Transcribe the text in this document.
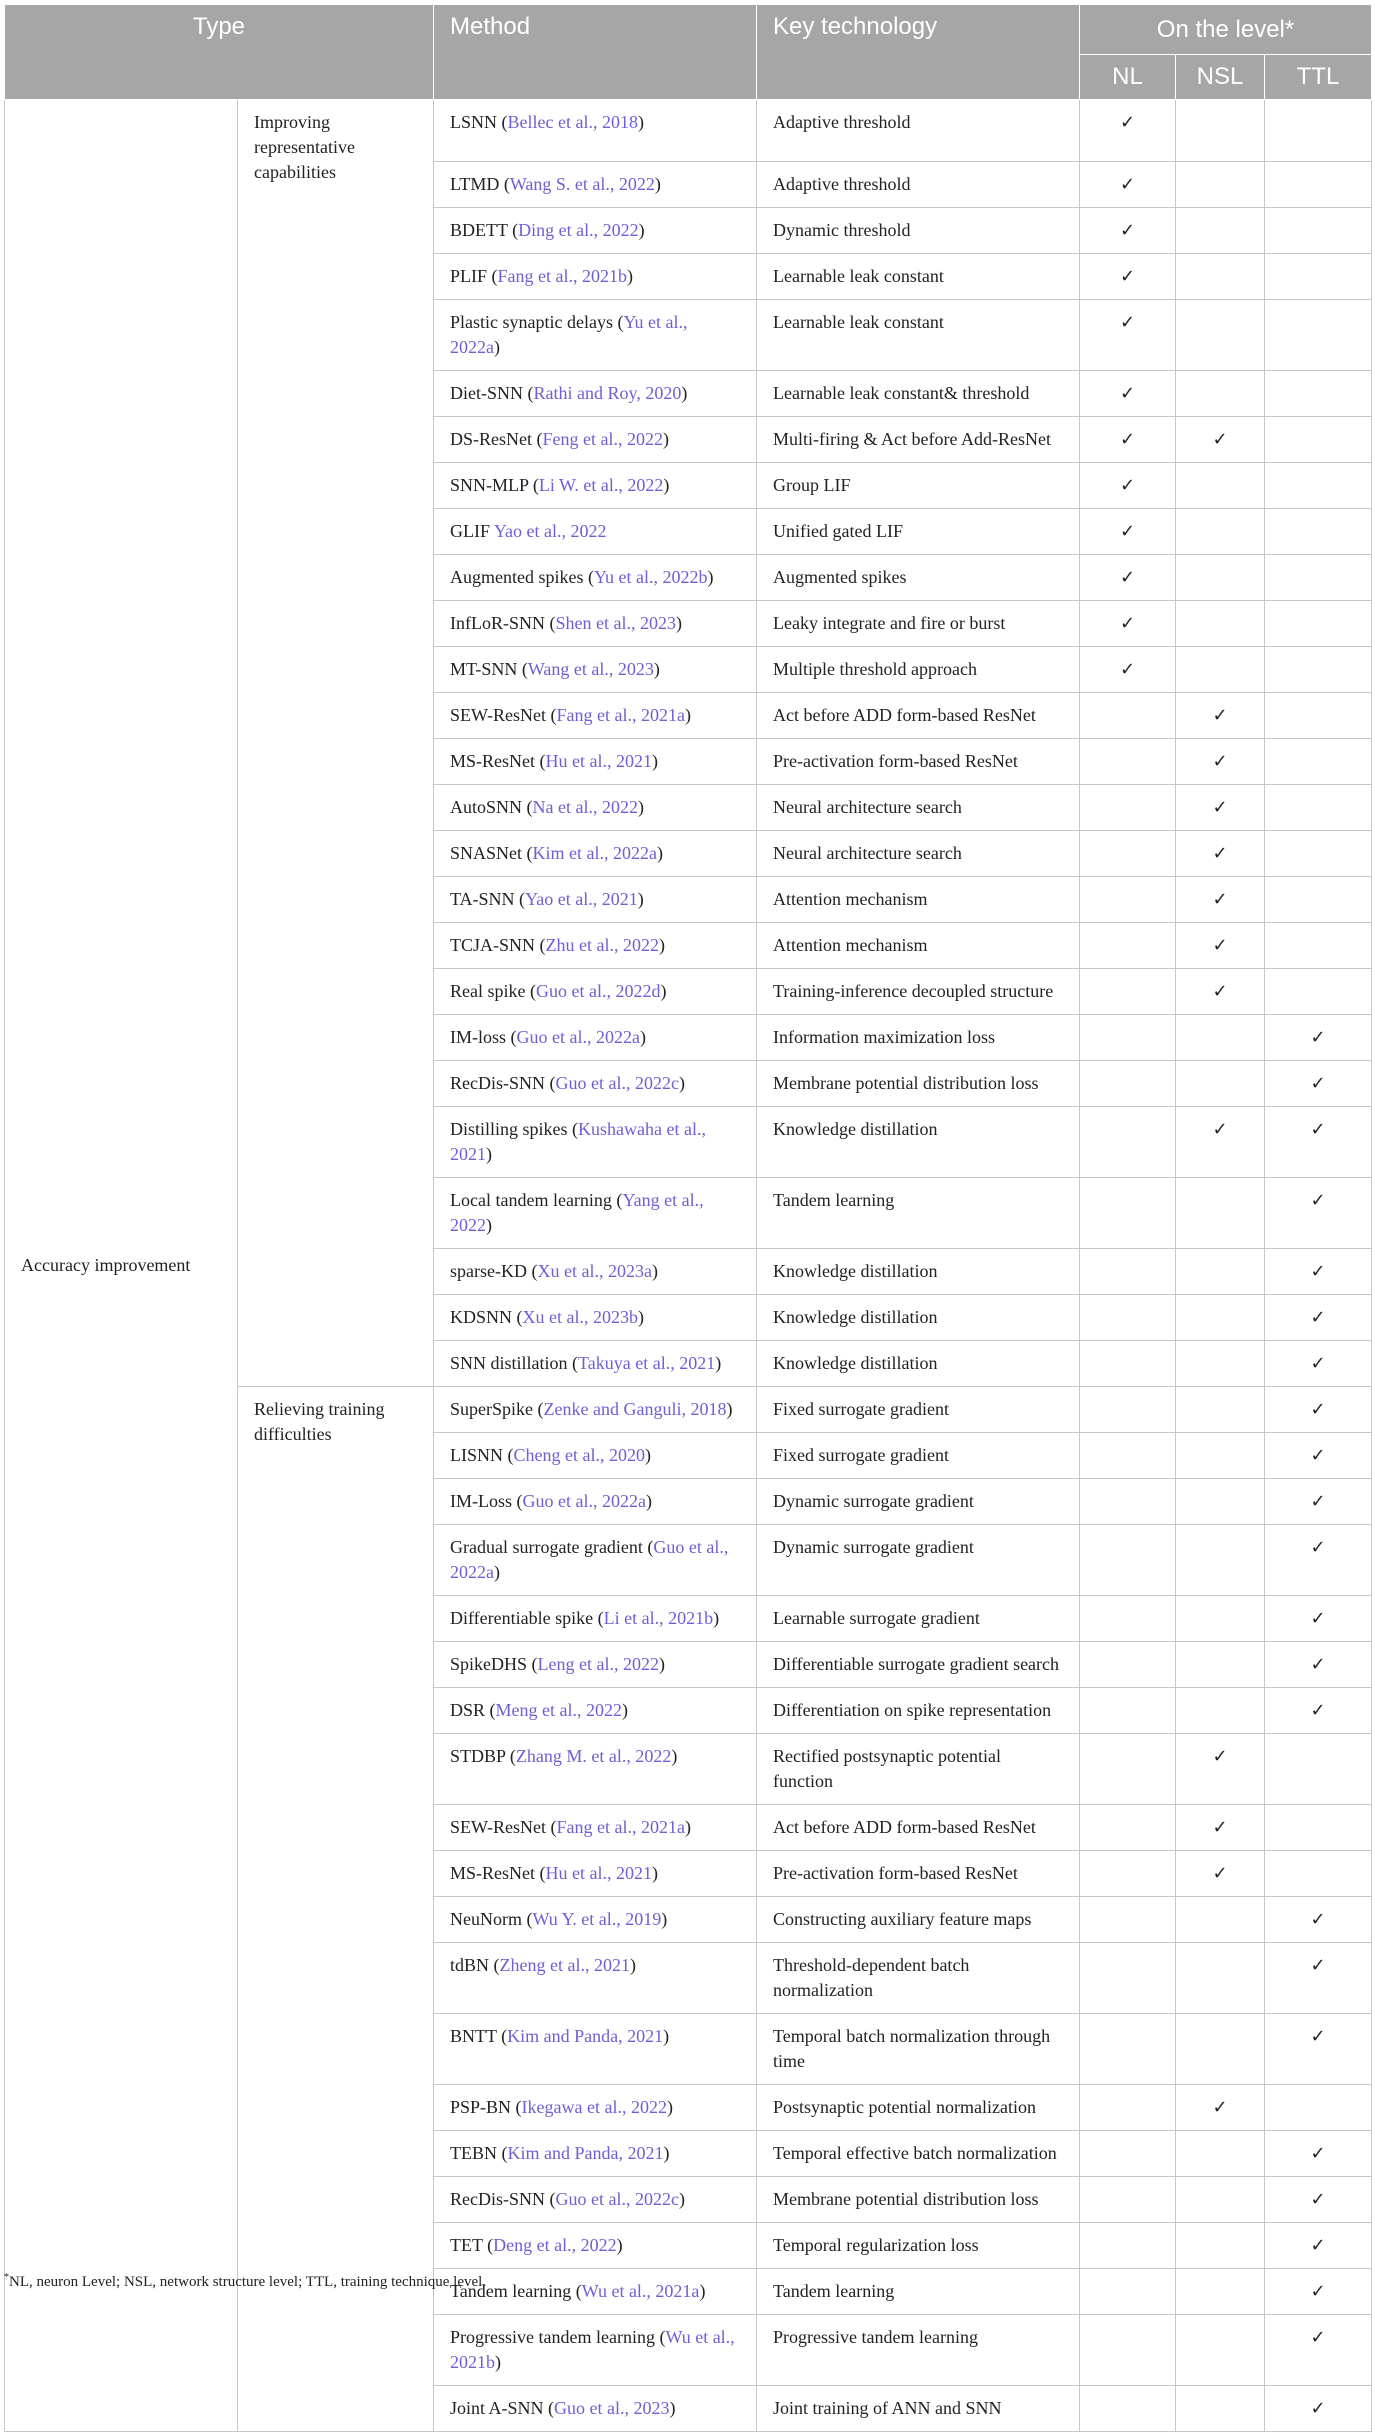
Type		Method	Key technology	On the level*		
				NL	NSL	TTL
Accuracy improvement	Improving representative capabilities	LSNN (Bellec et al., 2018)	Adaptive threshold	✓		
		LTMD (Wang S. et al., 2022)	Adaptive threshold	✓		
		BDETT (Ding et al., 2022)	Dynamic threshold	✓		
		PLIF (Fang et al., 2021b)	Learnable leak constant	✓		
		Plastic synaptic delays (Yu et al., 2022a)	Learnable leak constant	✓		
		Diet-SNN (Rathi and Roy, 2020)	Learnable leak constant& threshold	✓		
		DS-ResNet (Feng et al., 2022)	Multi-firing & Act before Add-ResNet	✓	✓	
		SNN-MLP (Li W. et al., 2022)	Group LIF	✓		
		GLIF Yao et al., 2022	Unified gated LIF	✓		
		Augmented spikes (Yu et al., 2022b)	Augmented spikes	✓		
		InfLoR-SNN (Shen et al., 2023)	Leaky integrate and fire or burst	✓		
		MT-SNN (Wang et al., 2023)	Multiple threshold approach	✓		
		SEW-ResNet (Fang et al., 2021a)	Act before ADD form-based ResNet		✓	
		MS-ResNet (Hu et al., 2021)	Pre-activation form-based ResNet		✓	
		AutoSNN (Na et al., 2022)	Neural architecture search		✓	
		SNASNet (Kim et al., 2022a)	Neural architecture search		✓	
		TA-SNN (Yao et al., 2021)	Attention mechanism		✓	
		TCJA-SNN (Zhu et al., 2022)	Attention mechanism		✓	
		Real spike (Guo et al., 2022d)	Training-inference decoupled structure		✓	
		IM-loss (Guo et al., 2022a)	Information maximization loss			✓
		RecDis-SNN (Guo et al., 2022c)	Membrane potential distribution loss			✓
		Distilling spikes (Kushawaha et al., 2021)	Knowledge distillation		✓	✓
		Local tandem learning (Yang et al., 2022)	Tandem learning			✓
		sparse-KD (Xu et al., 2023a)	Knowledge distillation			✓
		KDSNN (Xu et al., 2023b)	Knowledge distillation			✓
		SNN distillation (Takuya et al., 2021)	Knowledge distillation			✓
	Relieving training difficulties	SuperSpike (Zenke and Ganguli, 2018)	Fixed surrogate gradient			✓
		LISNN (Cheng et al., 2020)	Fixed surrogate gradient			✓
		IM-Loss (Guo et al., 2022a)	Dynamic surrogate gradient			✓
		Gradual surrogate gradient (Guo et al., 2022a)	Dynamic surrogate gradient			✓
		Differentiable spike (Li et al., 2021b)	Learnable surrogate gradient			✓
		SpikeDHS (Leng et al., 2022)	Differentiable surrogate gradient search			✓
		DSR (Meng et al., 2022)	Differentiation on spike representation			✓
		STDBP (Zhang M. et al., 2022)	Rectified postsynaptic potential function		✓	
		SEW-ResNet (Fang et al., 2021a)	Act before ADD form-based ResNet		✓	
		MS-ResNet (Hu et al., 2021)	Pre-activation form-based ResNet		✓	
		NeuNorm (Wu Y. et al., 2019)	Constructing auxiliary feature maps			✓
		tdBN (Zheng et al., 2021)	Threshold-dependent batch normalization			✓
		BNTT (Kim and Panda, 2021)	Temporal batch normalization through time			✓
		PSP-BN (Ikegawa et al., 2022)	Postsynaptic potential normalization		✓	
		TEBN (Kim and Panda, 2021)	Temporal effective batch normalization			✓
		RecDis-SNN (Guo et al., 2022c)	Membrane potential distribution loss			✓
		TET (Deng et al., 2022)	Temporal regularization loss			✓
		Tandem learning (Wu et al., 2021a)	Tandem learning			✓
		Progressive tandem learning (Wu et al., 2021b)	Progressive tandem learning			✓
		Joint A-SNN (Guo et al., 2023)	Joint training of ANN and SNN			✓
*NL, neuron Level; NSL, network structure level; TTL, training technique level.
